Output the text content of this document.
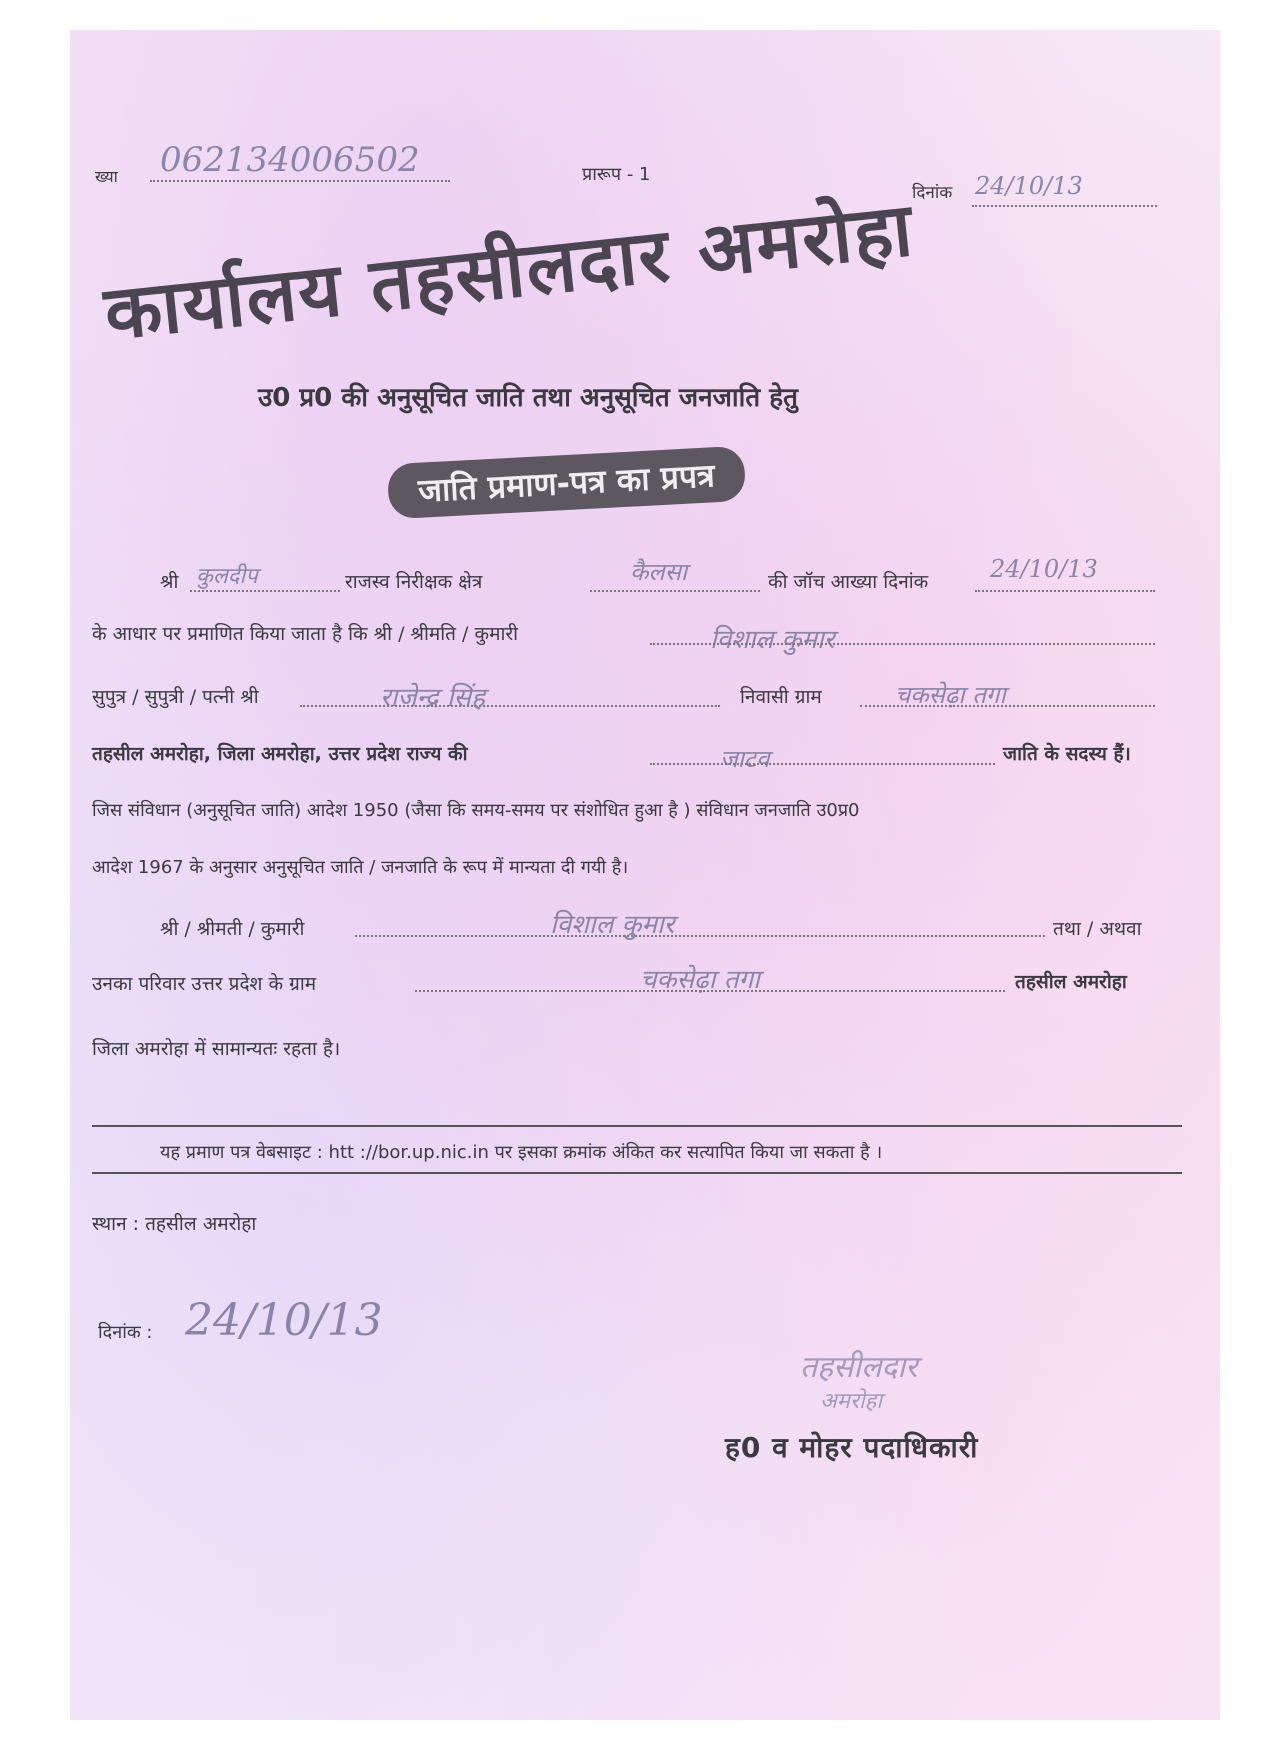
ख्या 062134006502	प्रारूप - 1
दिनांक 24/10/13
कार्यालय तहसीलदार अमरोहा
उ0 प्र0 की अनुसूचित जाति तथा अनुसूचित जनजाति हेतु
जाति प्रमाण-पत्र का प्रपत्र
श्री कुलदीप	राजस्व निरीक्षक क्षेत्र	कैलसा	की जॉच आख्या दिनांक	24/10/13
के आधार पर प्रमाणित किया जाता है कि श्री / श्रीमति / कुमारी	विशाल कुमार
सुपुत्र / सुपुत्री / पत्नी श्री	राजेन्द्र सिंह	निवासी ग्राम	चकसेढ़ा तगा
तहसील अमरोहा, जिला अमरोहा, उत्तर प्रदेश राज्य की	जाटव	जाति के सदस्य हैं।
जिस संविधान (अनुसूचित जाति) आदेश 1950 (जैसा कि समय-समय पर संशोधित हुआ है ) संविधान जनजाति उ0प्र0
आदेश 1967 के अनुसार अनुसूचित जाति / जनजाति के रूप में मान्यता दी गयी है।
श्री / श्रीमती / कुमारी	विशाल कुमार	तथा / अथवा
उनका परिवार उत्तर प्रदेश के ग्राम	चकसेढ़ा तगा	तहसील अमरोहा
जिला अमरोहा में सामान्यतः रहता है।
यह प्रमाण पत्र वेबसाइट : htt ://bor.up.nic.in पर इसका क्रमांक अंकित कर सत्यापित किया जा सकता है ।
स्थान : तहसील अमरोहा
दिनांक : 24/10/13
तहसीलदार
अमरोहा
ह0 व मोहर पदाधिकारी
